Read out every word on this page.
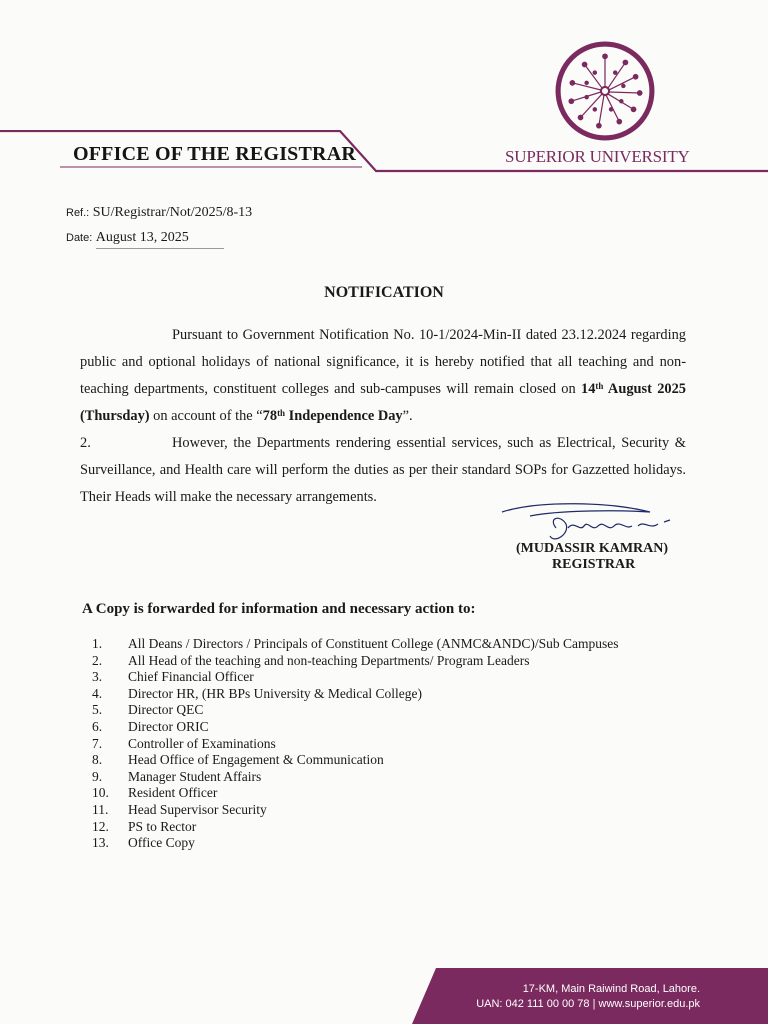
OFFICE OF THE REGISTRAR	SUPERIOR UNIVERSITY
Ref.: SU/Registrar/Not/2025/8-13
Date: August 13, 2025
NOTIFICATION
Pursuant to Government Notification No. 10-1/2024-Min-II dated 23.12.2024 regarding public and optional holidays of national significance, it is hereby notified that all teaching and non-teaching departments, constituent colleges and sub-campuses will remain closed on 14th August 2025 (Thursday) on account of the “78th Independence Day”.
2.	However, the Departments rendering essential services, such as Electrical, Security & Surveillance, and Health care will perform the duties as per their standard SOPs for Gazzetted holidays. Their Heads will make the necessary arrangements.
(MUDASSIR KAMRAN)
REGISTRAR
A Copy is forwarded for information and necessary action to:
1. All Deans / Directors / Principals of Constituent College (ANMC&ANDC)/Sub Campuses
2. All Head of the teaching and non-teaching Departments/ Program Leaders
3. Chief Financial Officer
4. Director HR, (HR BPs University & Medical College)
5. Director QEC
6. Director ORIC
7. Controller of Examinations
8. Head Office of Engagement & Communication
9. Manager Student Affairs
10. Resident Officer
11. Head Supervisor Security
12. PS to Rector
13. Office Copy
17-KM, Main Raiwind Road, Lahore.
UAN: 042 111 00 00 78 | www.superior.edu.pk
